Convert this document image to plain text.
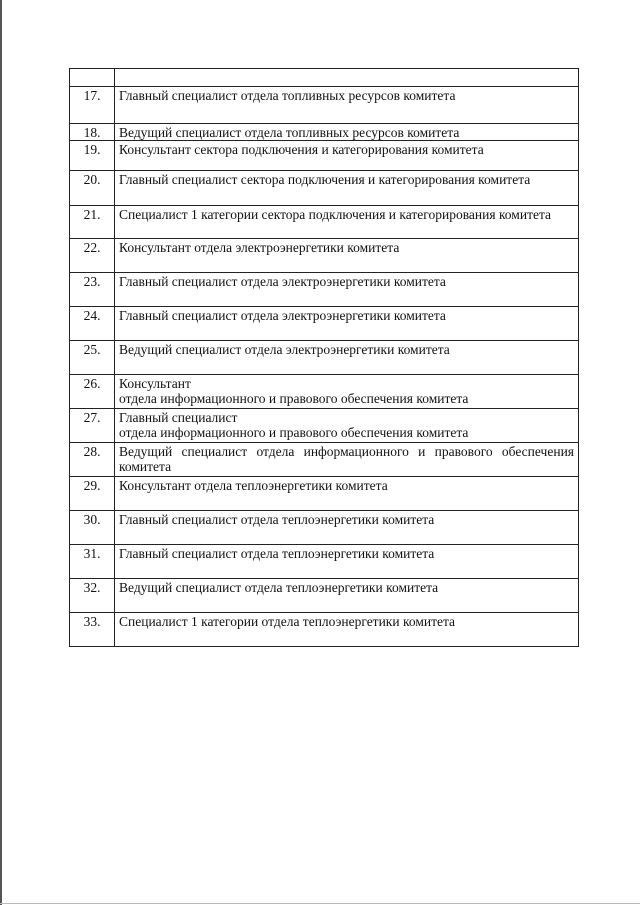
17.	Главный специалист отдела топливных ресурсов комитета
18.	Ведущий специалист отдела топливных ресурсов комитета
19.	Консультант сектора подключения и категорирования комитета
20.	Главный специалист сектора подключения и категорирования комитета
21.	Специалист 1 категории сектора подключения и категорирования комитета
22.	Консультант отдела электроэнергетики комитета
23.	Главный специалист отдела электроэнергетики комитета
24.	Главный специалист отдела электроэнергетики комитета
25.	Ведущий специалист отдела электроэнергетики комитета
26.	Консультант
отдела информационного и правового обеспечения комитета

27.	Главный специалист
отдела информационного и правового обеспечения комитета

28.	Ведущий специалист отдела информационного и правового обеспечения комитета
29.	Консультант отдела теплоэнергетики комитета
30.	Главный специалист отдела теплоэнергетики комитета
31.	Главный специалист отдела теплоэнергетики комитета
32.	Ведущий специалист отдела теплоэнергетики комитета
33.	Специалист 1 категории отдела теплоэнергетики комитета
